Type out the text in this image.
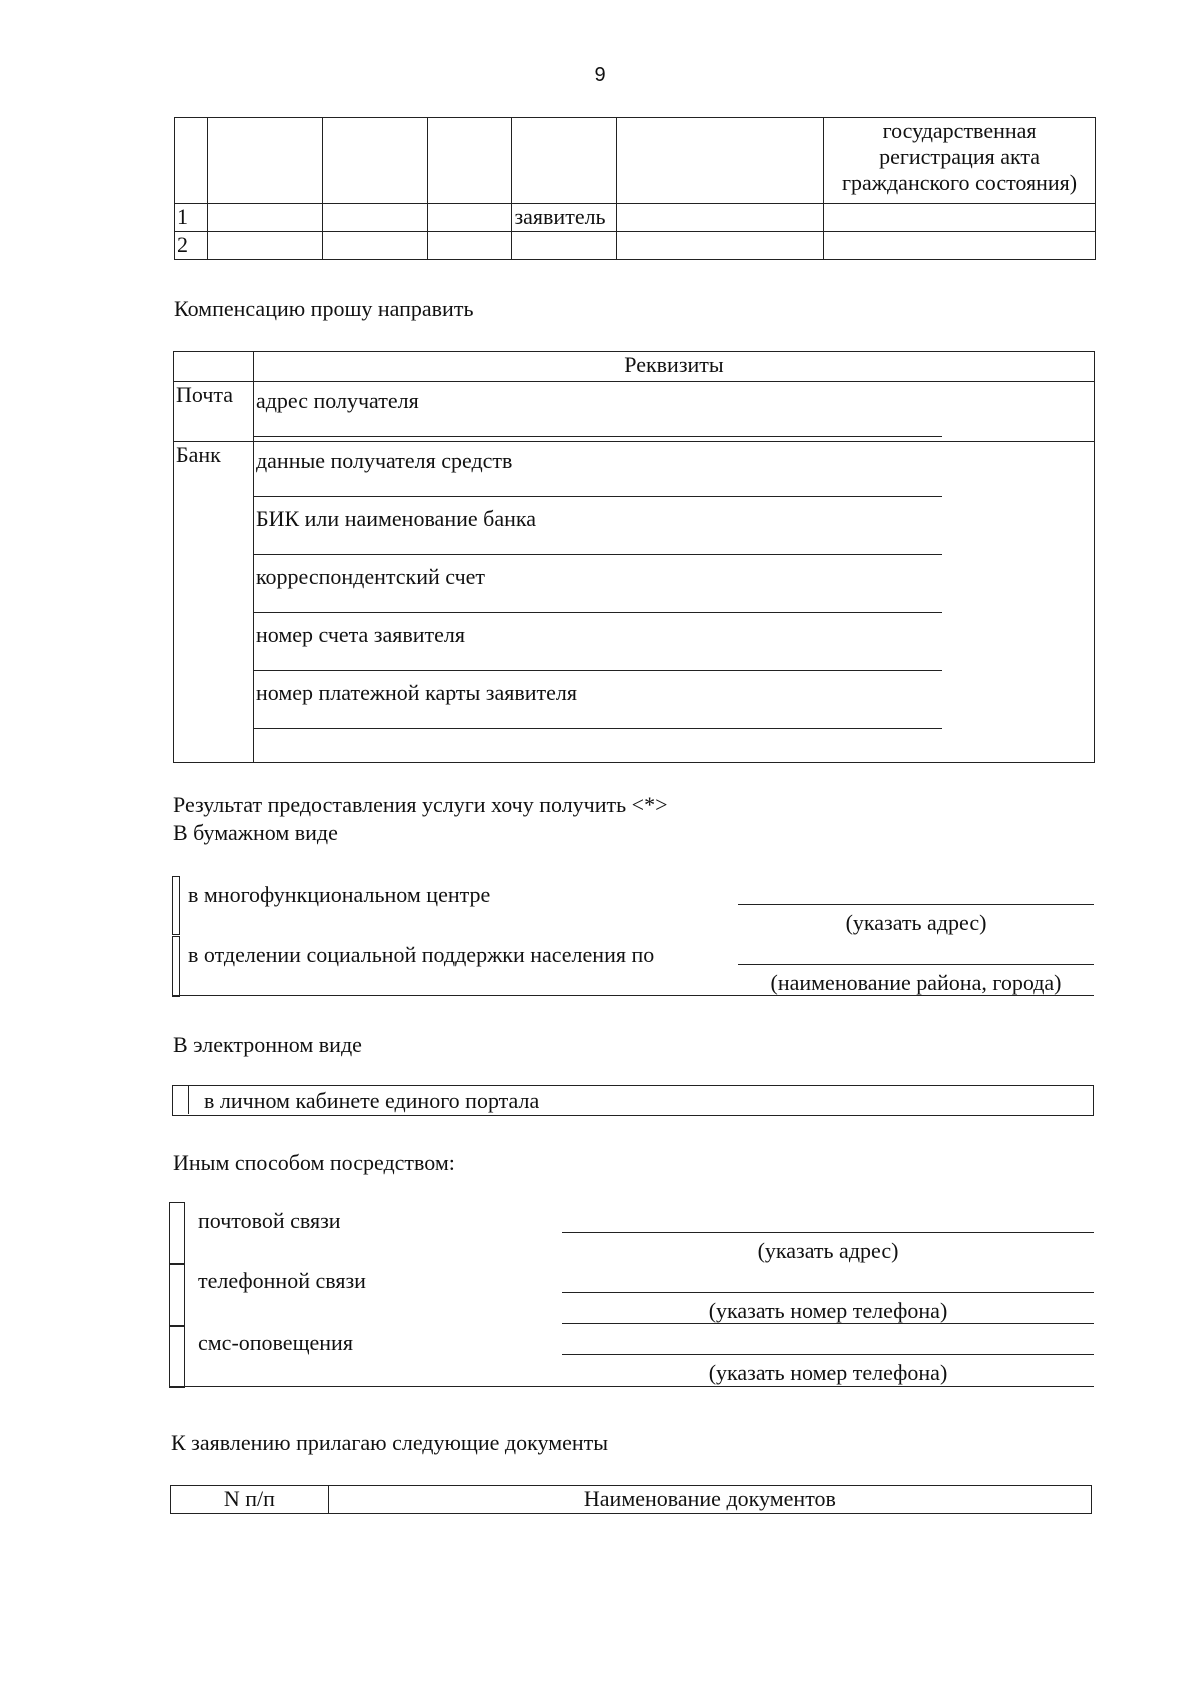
9

						государственная
регистрация акта
гражданского состояния)

1				заявитель		
2						
Компенсацию прошу направить
	Реквизиты
Почта	адрес получателя

Банк	данные получателя средств
БИК или наименование банка
корреспондентский счет
номер счета заявителя
номер платежной карты заявителя
Результат предоставления услуги хочу получить <*>
В бумажном виде
в многофункциональном центре
(указать адрес)
в отделении социальной поддержки населения по
(наименование района, города)
В электронном виде
в личном кабинете единого портала
Иным способом посредством:
почтовой связи
(указать адрес)
телефонной связи
(указать номер телефона)
смс-оповещения
(указать номер телефона)
К заявлению прилагаю следующие документы
N п/п	Наименование документов
